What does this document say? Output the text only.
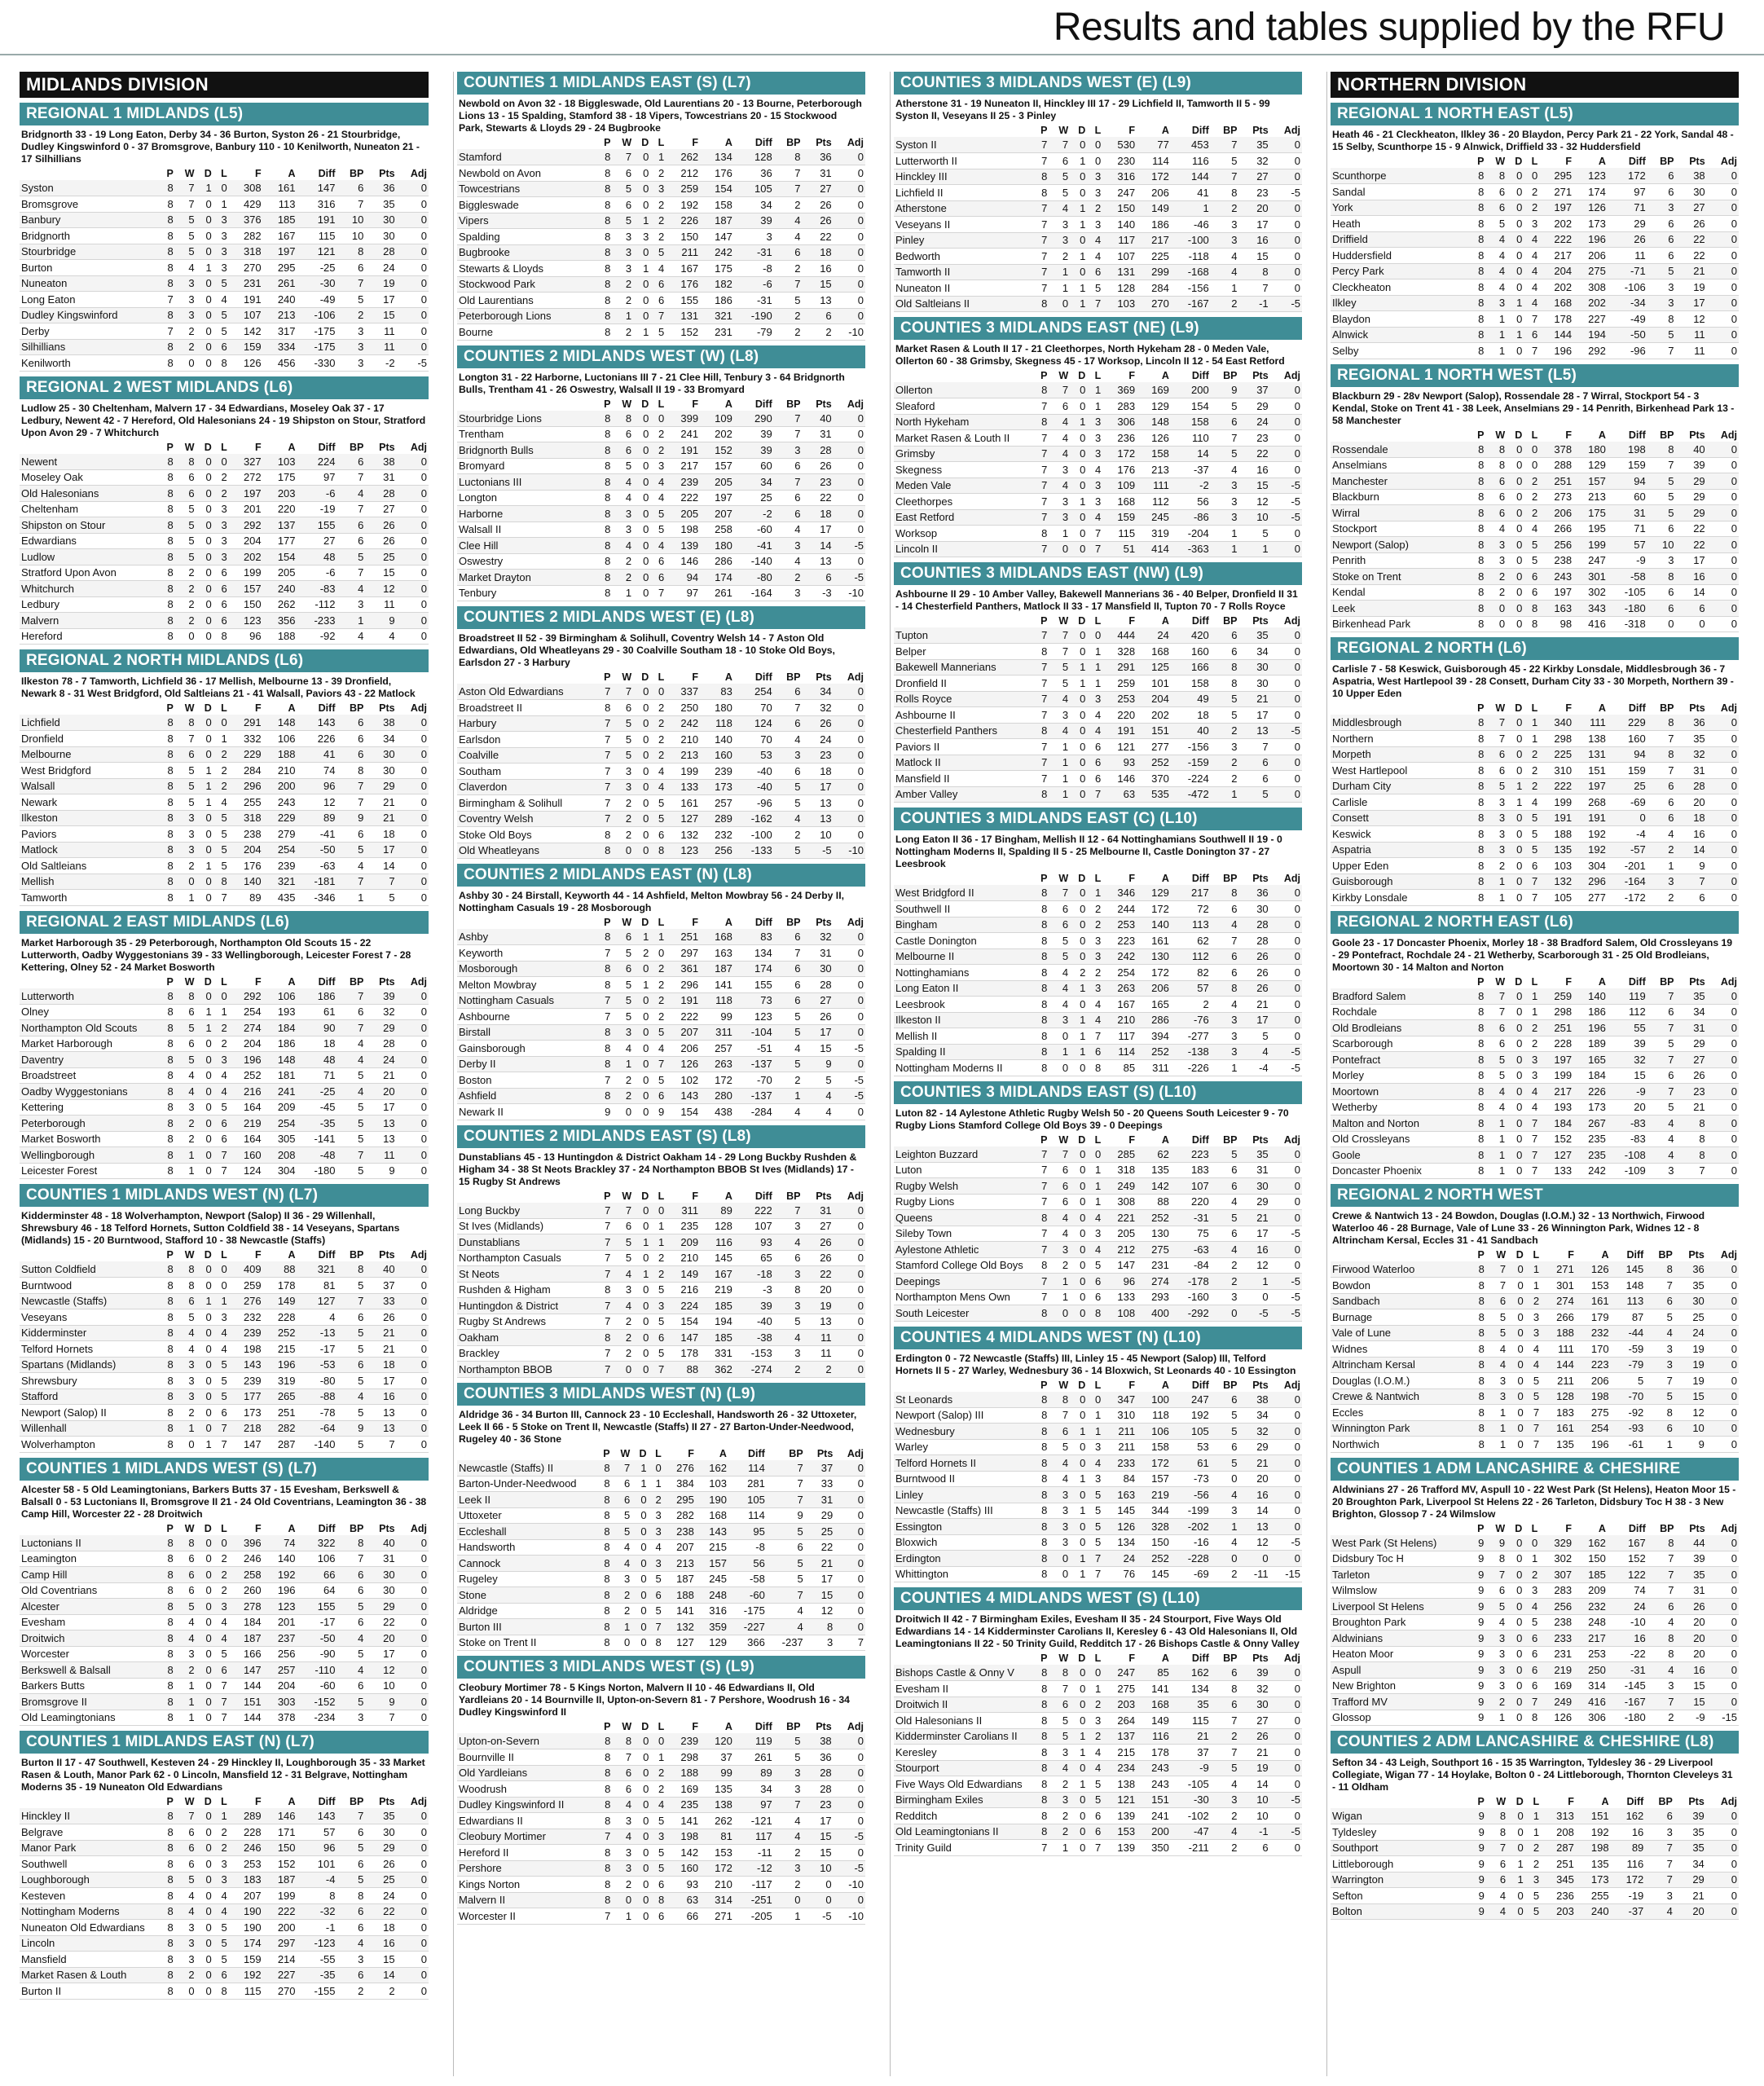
Results and tables supplied by the RFU
MIDLANDS DIVISION
REGIONAL 1 MIDLANDS (L5)
Bridgnorth 33 - 19 Long Eaton, Derby 34 - 36 Burton, Syston 26 - 21 Stourbridge, Dudley Kingswinford 0 - 37 Bromsgrove, Banbury 110 - 10 Kenilworth, Nuneaton 21 - 17 Silhillians
	P	W	D	L	F	A	Diff	BP	Pts	Adj
Syston	8	7	1	0	308	161	147	6	36	0
Bromsgrove	8	7	0	1	429	113	316	7	35	0
Banbury	8	5	0	3	376	185	191	10	30	0
Bridgnorth	8	5	0	3	282	167	115	10	30	0
Stourbridge	8	5	0	3	318	197	121	8	28	0
Burton	8	4	1	3	270	295	-25	6	24	0
Nuneaton	8	3	0	5	231	261	-30	7	19	0
Long Eaton	7	3	0	4	191	240	-49	5	17	0
Dudley Kingswinford	8	3	0	5	107	213	-106	2	15	0
Derby	7	2	0	5	142	317	-175	3	11	0
Silhillians	8	2	0	6	159	334	-175	3	11	0
Kenilworth	8	0	0	8	126	456	-330	3	-2	-5
REGIONAL 2 WEST MIDLANDS (L6)
Ludlow 25 - 30 Cheltenham, Malvern 17 - 34 Edwardians, Moseley Oak 37 - 17 Ledbury, Newent 42 - 7 Hereford, Old Halesonians 24 - 19 Shipston on Stour, Stratford Upon Avon 29 - 7 Whitchurch
	P	W	D	L	F	A	Diff	BP	Pts	Adj
Newent	8	8	0	0	327	103	224	6	38	0
Moseley Oak	8	6	0	2	272	175	97	7	31	0
Old Halesonians	8	6	0	2	197	203	-6	4	28	0
Cheltenham	8	5	0	3	201	220	-19	7	27	0
Shipston on Stour	8	5	0	3	292	137	155	6	26	0
Edwardians	8	5	0	3	204	177	27	6	26	0
Ludlow	8	5	0	3	202	154	48	5	25	0
Stratford Upon Avon	8	2	0	6	199	205	-6	7	15	0
Whitchurch	8	2	0	6	157	240	-83	4	12	0
Ledbury	8	2	0	6	150	262	-112	3	11	0
Malvern	8	2	0	6	123	356	-233	1	9	0
Hereford	8	0	0	8	96	188	-92	4	4	0
REGIONAL 2 NORTH MIDLANDS (L6)
Ilkeston 78 - 7 Tamworth, Lichfield 36 - 17 Mellish, Melbourne 13 - 39 Dronfield, Newark 8 - 31 West Bridgford, Old Saltleians 21 - 41 Walsall, Paviors 43 - 22 Matlock
	P	W	D	L	F	A	Diff	BP	Pts	Adj
Lichfield	8	8	0	0	291	148	143	6	38	0
Dronfield	8	7	0	1	332	106	226	6	34	0
Melbourne	8	6	0	2	229	188	41	6	30	0
West Bridgford	8	5	1	2	284	210	74	8	30	0
Walsall	8	5	1	2	296	200	96	7	29	0
Newark	8	5	1	4	255	243	12	7	21	0
Ilkeston	8	3	0	5	318	229	89	9	21	0
Paviors	8	3	0	5	238	279	-41	6	18	0
Matlock	8	3	0	5	204	254	-50	5	17	0
Old Saltleians	8	2	1	5	176	239	-63	4	14	0
Mellish	8	0	0	8	140	321	-181	7	7	0
Tamworth	8	1	0	7	89	435	-346	1	5	0
REGIONAL 2 EAST MIDLANDS (L6)
Market Harborough 35 - 29 Peterborough, Northampton Old Scouts 15 - 22 Lutterworth, Oadby Wyggestonians 39 - 33 Wellingborough, Leicester Forest 7 - 28 Kettering, Olney 52 - 24 Market Bosworth
	P	W	D	L	F	A	Diff	BP	Pts	Adj
Lutterworth	8	8	0	0	292	106	186	7	39	0
Olney	8	6	1	1	254	193	61	6	32	0
Northampton Old Scouts	8	5	1	2	274	184	90	7	29	0
Market Harborough	8	6	0	2	204	186	18	4	28	0
Daventry	8	5	0	3	196	148	48	4	24	0
Broadstreet	8	4	0	4	252	181	71	5	21	0
Oadby Wyggestonians	8	4	0	4	216	241	-25	4	20	0
Kettering	8	3	0	5	164	209	-45	5	17	0
Peterborough	8	2	0	6	219	254	-35	5	13	0
Market Bosworth	8	2	0	6	164	305	-141	5	13	0
Wellingborough	8	1	0	7	160	208	-48	7	11	0
Leicester Forest	8	1	0	7	124	304	-180	5	9	0
COUNTIES 1 MIDLANDS WEST (N) (L7)
Kidderminster 48 - 18 Wolverhampton, Newport (Salop) II 36 - 29 Willenhall, Shrewsbury 46 - 18 Telford Hornets, Sutton Coldfield 38 - 14 Veseyans, Spartans (Midlands) 15 - 20 Burntwood, Stafford 10 - 38 Newcastle (Staffs)
	P	W	D	L	F	A	Diff	BP	Pts	Adj
Sutton Coldfield	8	8	0	0	409	88	321	8	40	0
Burntwood	8	8	0	0	259	178	81	5	37	0
Newcastle (Staffs)	8	6	1	1	276	149	127	7	33	0
Veseyans	8	5	0	3	232	228	4	6	26	0
Kidderminster	8	4	0	4	239	252	-13	5	21	0
Telford Hornets	8	4	0	4	198	215	-17	5	21	0
Spartans (Midlands)	8	3	0	5	143	196	-53	6	18	0
Shrewsbury	8	3	0	5	239	319	-80	5	17	0
Stafford	8	3	0	5	177	265	-88	4	16	0
Newport (Salop) II	8	2	0	6	173	251	-78	5	13	0
Willenhall	8	1	0	7	218	282	-64	9	13	0
Wolverhampton	8	0	1	7	147	287	-140	5	7	0
COUNTIES 1 MIDLANDS WEST (S) (L7)
Alcester 58 - 5 Old Leamingtonians, Barkers Butts 37 - 15 Evesham, Berkswell & Balsall 0 - 53 Luctonians II, Bromsgrove II 21 - 24 Old Coventrians, Leamington 36 - 38 Camp Hill, Worcester 22 - 28 Droitwich
	P	W	D	L	F	A	Diff	BP	Pts	Adj
Luctonians II	8	8	0	0	396	74	322	8	40	0
Leamington	8	6	0	2	246	140	106	7	31	0
Camp Hill	8	6	0	2	258	192	66	6	30	0
Old Coventrians	8	6	0	2	260	196	64	6	30	0
Alcester	8	5	0	3	278	123	155	5	29	0
Evesham	8	4	0	4	184	201	-17	6	22	0
Droitwich	8	4	0	4	187	237	-50	4	20	0
Worcester	8	3	0	5	166	256	-90	5	17	0
Berkswell & Balsall	8	2	0	6	147	257	-110	4	12	0
Barkers Butts	8	1	0	7	144	204	-60	6	10	0
Bromsgrove II	8	1	0	7	151	303	-152	5	9	0
Old Leamingtonians	8	1	0	7	144	378	-234	3	7	0
COUNTIES 1 MIDLANDS EAST (N) (L7)
Burton II 17 - 47 Southwell, Kesteven 24 - 29 Hinckley II, Loughborough 35 - 33 Market Rasen & Louth, Manor Park 62 - 0 Lincoln, Mansfield 12 - 31 Belgrave, Nottingham Moderns 35 - 19 Nuneaton Old Edwardians
	P	W	D	L	F	A	Diff	BP	Pts	Adj
Hinckley II	8	7	0	1	289	146	143	7	35	0
Belgrave	8	6	0	2	228	171	57	6	30	0
Manor Park	8	6	0	2	246	150	96	5	29	0
Southwell	8	6	0	3	253	152	101	6	26	0
Loughborough	8	5	0	3	183	187	-4	5	25	0
Kesteven	8	4	0	4	207	199	8	8	24	0
Nottingham Moderns	8	4	0	4	190	222	-32	6	22	0
Nuneaton Old Edwardians	8	3	0	5	190	200	-1	6	18	0
Lincoln	8	3	0	5	174	297	-123	4	16	0
Mansfield	8	3	0	5	159	214	-55	3	15	0
Market Rasen & Louth	8	2	0	6	192	227	-35	6	14	0
Burton II	8	0	0	8	115	270	-155	2	2	0
COUNTIES 1 MIDLANDS EAST (S) (L7)
Newbold on Avon 32 - 18 Biggleswade, Old Laurentians 20 - 13 Bourne, Peterborough Lions 13 - 15 Spalding, Stamford 38 - 18 Vipers, Towcestrians 20 - 15 Stockwood Park, Stewarts & Lloyds 29 - 24 Bugbrooke
	P	W	D	L	F	A	Diff	BP	Pts	Adj
Stamford	8	7	0	1	262	134	128	8	36	0
Newbold on Avon	8	6	0	2	212	176	36	7	31	0
Towcestrians	8	5	0	3	259	154	105	7	27	0
Biggleswade	8	6	0	2	192	158	34	2	26	0
Vipers	8	5	1	2	226	187	39	4	26	0
Spalding	8	3	3	2	150	147	3	4	22	0
Bugbrooke	8	3	0	5	211	242	-31	6	18	0
Stewarts & Lloyds	8	3	1	4	167	175	-8	2	16	0
Stockwood Park	8	2	0	6	176	182	-6	7	15	0
Old Laurentians	8	2	0	6	155	186	-31	5	13	0
Peterborough Lions	8	1	0	7	131	321	-190	2	6	0
Bourne	8	2	1	5	152	231	-79	2	2	-10
COUNTIES 2 MIDLANDS WEST (W) (L8)
Longton 31 - 22 Harborne, Luctonians III 7 - 21 Clee Hill, Tenbury 3 - 64 Bridgnorth Bulls, Trentham 41 - 26 Oswestry, Walsall II 19 - 33 Bromyard
	P	W	D	L	F	A	Diff	BP	Pts	Adj
Stourbridge Lions	8	8	0	0	399	109	290	7	40	0
Trentham	8	6	0	2	241	202	39	7	31	0
Bridgnorth Bulls	8	6	0	2	191	152	39	3	28	0
Bromyard	8	5	0	3	217	157	60	6	26	0
Luctonians III	8	4	0	4	239	205	34	7	23	0
Longton	8	4	0	4	222	197	25	6	22	0
Harborne	8	3	0	5	205	207	-2	6	18	0
Walsall II	8	3	0	5	198	258	-60	4	17	0
Clee Hill	8	4	0	4	139	180	-41	3	14	-5
Oswestry	8	2	0	6	146	286	-140	4	13	0
Market Drayton	8	2	0	6	94	174	-80	2	6	-5
Tenbury	8	1	0	7	97	261	-164	3	-3	-10
COUNTIES 2 MIDLANDS WEST (E) (L8)
Broadstreet II 52 - 39 Birmingham & Solihull, Coventry Welsh 14 - 7 Aston Old Edwardians, Old Wheatleyans 29 - 30 Coalville Southam 18 - 10 Stoke Old Boys, Earlsdon 27 - 3 Harbury
	P	W	D	L	F	A	Diff	BP	Pts	Adj
Aston Old Edwardians	7	7	0	0	337	83	254	6	34	0
Broadstreet II	8	6	0	2	250	180	70	7	32	0
Harbury	7	5	0	2	242	118	124	6	26	0
Earlsdon	7	5	0	2	210	140	70	4	24	0
Coalville	7	5	0	2	213	160	53	3	23	0
Southam	7	3	0	4	199	239	-40	6	18	0
Claverdon	7	3	0	4	133	173	-40	5	17	0
Birmingham & Solihull	7	2	0	5	161	257	-96	5	13	0
Coventry Welsh	7	2	0	5	127	289	-162	4	13	0
Stoke Old Boys	8	2	0	6	132	232	-100	2	10	0
Old Wheatleyans	8	0	0	8	123	256	-133	5	-5	-10
COUNTIES 2 MIDLANDS EAST (N) (L8)
Ashby 30 - 24 Birstall, Keyworth 44 - 14 Ashfield, Melton Mowbray 56 - 24 Derby II, Nottingham Casuals 19 - 28 Mosborough
	P	W	D	L	F	A	Diff	BP	Pts	Adj
Ashby	8	6	1	1	251	168	83	6	32	0
Keyworth	7	5	2	0	297	163	134	7	31	0
Mosborough	8	6	0	2	361	187	174	6	30	0
Melton Mowbray	8	5	1	2	296	141	155	6	28	0
Nottingham Casuals	7	5	0	2	191	118	73	6	27	0
Ashbourne	7	5	0	2	222	99	123	5	26	0
Birstall	8	3	0	5	207	311	-104	5	17	0
Gainsborough	8	4	0	4	206	257	-51	4	15	-5
Derby II	8	1	0	7	126	263	-137	5	9	0
Boston	7	2	0	5	102	172	-70	2	5	-5
Ashfield	8	2	0	6	143	280	-137	1	4	-5
Newark II	9	0	0	9	154	438	-284	4	4	0
COUNTIES 2 MIDLANDS EAST (S) (L8)
Dunstablians 45 - 13 Huntingdon & District Oakham 14 - 29 Long Buckby Rushden & Higham 34 - 38 St Neots Brackley 37 - 24 Northampton BBOB St Ives (Midlands) 17 - 15 Rugby St Andrews
	P	W	D	L	F	A	Diff	BP	Pts	Adj
Long Buckby	7	7	0	0	311	89	222	7	31	0
St Ives (Midlands)	7	6	0	1	235	128	107	3	27	0
Dunstablians	7	5	1	1	209	116	93	4	26	0
Northampton Casuals	7	5	0	2	210	145	65	6	26	0
St Neots	7	4	1	2	149	167	-18	3	22	0
Rushden & Higham	8	3	0	5	216	219	-3	8	20	0
Huntingdon & District	7	4	0	3	224	185	39	3	19	0
Rugby St Andrews	7	2	0	5	154	194	-40	5	13	0
Oakham	8	2	0	6	147	185	-38	4	11	0
Brackley	7	2	0	5	178	331	-153	3	11	0
Northampton BBOB	7	0	0	7	88	362	-274	2	2	0
COUNTIES 3 MIDLANDS WEST (N) (L9)
Aldridge 36 - 34 Burton III, Cannock 23 - 10 Eccleshall, Handsworth 26 - 32 Uttoxeter, Leek II 66 - 5 Stoke on Trent II, Newcastle (Staffs) II 27 - 27 Barton-Under-Needwood, Rugeley 40 - 36 Stone
	P	W	D	L	F	A	Diff	BP	Pts	Adj
Newcastle (Staffs) II	8	7	1	0	276	162	114	7	37	0
Barton-Under-Needwood	8	6	1	1	384	103	281	7	33	0
Leek II	8	6	0	2	295	190	105	7	31	0
Uttoxeter	8	5	0	3	282	168	114	9	29	0
Eccleshall	8	5	0	3	238	143	95	5	25	0
Handsworth	8	4	0	4	207	215	-8	6	22	0
Cannock	8	4	0	3	213	157	56	5	21	0
Rugeley	8	3	0	5	187	245	-58	5	17	0
Stone	8	2	0	6	188	248	-60	7	15	0
Aldridge	8	2	0	5	141	316	-175	4	12	0
Burton III	8	1	0	7	132	359	-227	4	8	0
Stoke on Trent II	8	0	0	8	127	129	366	-237	3	7
COUNTIES 3 MIDLANDS WEST (S) (L9)
Cleobury Mortimer 78 - 5 Kings Norton, Malvern II 10 - 46 Edwardians II, Old Yardleians 20 - 14 Bournville II, Upton-on-Severn 81 - 7 Pershore, Woodrush 16 - 34 Dudley Kingswinford II
	P	W	D	L	F	A	Diff	BP	Pts	Adj
Upton-on-Severn	8	8	0	0	239	120	119	5	38	0
Bournville II	8	7	0	1	298	37	261	5	36	0
Old Yardleians	8	6	0	2	188	99	89	3	28	0
Woodrush	8	6	0	2	169	135	34	3	28	0
Dudley Kingswinford II	8	4	0	4	235	138	97	7	23	0
Edwardians II	8	3	0	5	141	262	-121	4	17	0
Cleobury Mortimer	7	4	0	3	198	81	117	4	15	-5
Hereford II	8	3	0	5	142	153	-11	2	15	0
Pershore	8	3	0	5	160	172	-12	3	10	-5
Kings Norton	8	2	0	6	93	210	-117	2	0	-10
Malvern II	8	0	0	8	63	314	-251	0	0	0
Worcester II	7	1	0	6	66	271	-205	1	-5	-10
COUNTIES 3 MIDLANDS WEST (E) (L9)
Atherstone 31 - 19 Nuneaton II, Hinckley III 17 - 29 Lichfield II, Tamworth II 5 - 99 Syston II, Veseyans II 25 - 3 Pinley
	P	W	D	L	F	A	Diff	BP	Pts	Adj
Syston II	7	7	0	0	530	77	453	7	35	0
Lutterworth II	7	6	1	0	230	114	116	5	32	0
Hinckley III	8	5	0	3	316	172	144	7	27	0
Lichfield II	8	5	0	3	247	206	41	8	23	-5
Atherstone	7	4	1	2	150	149	1	2	20	0
Veseyans II	7	3	1	3	140	186	-46	3	17	0
Pinley	7	3	0	4	117	217	-100	3	16	0
Bedworth	7	2	1	4	107	225	-118	4	15	0
Tamworth II	7	1	0	6	131	299	-168	4	8	0
Nuneaton II	7	1	1	5	128	284	-156	1	7	0
Old Saltleians II	8	0	1	7	103	270	-167	2	-1	-5
COUNTIES 3 MIDLANDS EAST (NE) (L9)
Market Rasen & Louth II 17 - 21 Cleethorpes, North Hykeham 28 - 0 Meden Vale, Ollerton 60 - 38 Grimsby, Skegness 45 - 17 Worksop, Lincoln II 12 - 54 East Retford
	P	W	D	L	F	A	Diff	BP	Pts	Adj
Ollerton	8	7	0	1	369	169	200	9	37	0
Sleaford	7	6	0	1	283	129	154	5	29	0
North Hykeham	8	4	1	3	306	148	158	6	24	0
Market Rasen & Louth II	7	4	0	3	236	126	110	7	23	0
Grimsby	7	4	0	3	172	158	14	5	22	0
Skegness	7	3	0	4	176	213	-37	4	16	0
Meden Vale	7	4	0	3	109	111	-2	3	15	-5
Cleethorpes	7	3	1	3	168	112	56	3	12	-5
East Retford	7	3	0	4	159	245	-86	3	10	-5
Worksop	8	1	0	7	115	319	-204	1	5	0
Lincoln II	7	0	0	7	51	414	-363	1	1	0
COUNTIES 3 MIDLANDS EAST (NW) (L9)
Ashbourne II 29 - 10 Amber Valley, Bakewell Mannerians 36 - 40 Belper, Dronfield II 31 - 14 Chesterfield Panthers, Matlock II 33 - 17 Mansfield II, Tupton 70 - 7 Rolls Royce
	P	W	D	L	F	A	Diff	BP	Pts	Adj
Tupton	7	7	0	0	444	24	420	6	35	0
Belper	8	7	0	1	328	168	160	6	34	0
Bakewell Mannerians	7	5	1	1	291	125	166	8	30	0
Dronfield II	7	5	1	1	259	101	158	8	30	0
Rolls Royce	7	4	0	3	253	204	49	5	21	0
Ashbourne II	7	3	0	4	220	202	18	5	17	0
Chesterfield Panthers	8	4	0	4	191	151	40	2	13	-5
Paviors II	7	1	0	6	121	277	-156	3	7	0
Matlock II	7	1	0	6	93	252	-159	2	6	0
Mansfield II	7	1	0	6	146	370	-224	2	6	0
Amber Valley	8	1	0	7	63	535	-472	1	5	0
COUNTIES 3 MIDLANDS EAST (C) (L10)
Long Eaton II 36 - 17 Bingham, Mellish II 12 - 64 Nottinghamians Southwell II 19 - 0 Nottingham Moderns II, Spalding II 5 - 25 Melbourne II, Castle Donington 37 - 27 Leesbrook
	P	W	D	L	F	A	Diff	BP	Pts	Adj
West Bridgford II	8	7	0	1	346	129	217	8	36	0
Southwell II	8	6	0	2	244	172	72	6	30	0
Bingham	8	6	0	2	253	140	113	4	28	0
Castle Donington	8	5	0	3	223	161	62	7	28	0
Melbourne II	8	5	0	3	242	130	112	6	26	0
Nottinghamians	8	4	2	2	254	172	82	6	26	0
Long Eaton II	8	4	1	3	263	206	57	8	26	0
Leesbrook	8	4	0	4	167	165	2	4	21	0
Ilkeston II	8	3	1	4	210	286	-76	3	17	0
Mellish II	8	0	1	7	117	394	-277	3	5	0
Spalding II	8	1	1	6	114	252	-138	3	4	-5
Nottingham Moderns II	8	0	0	8	85	311	-226	1	-4	-5
COUNTIES 3 MIDLANDS EAST (S) (L10)
Luton 82 - 14 Aylestone Athletic Rugby Welsh 50 - 20 Queens South Leicester 9 - 70 Rugby Lions Stamford College Old Boys 39 - 0 Deepings
	P	W	D	L	F	A	Diff	BP	Pts	Adj
Leighton Buzzard	7	7	0	0	285	62	223	5	35	0
Luton	7	6	0	1	318	135	183	6	31	0
Rugby Welsh	7	6	0	1	249	142	107	6	30	0
Rugby Lions	7	6	0	1	308	88	220	4	29	0
Queens	8	4	0	4	221	252	-31	5	21	0
Sileby Town	7	4	0	3	205	130	75	6	17	-5
Aylestone Athletic	7	3	0	4	212	275	-63	4	16	0
Stamford College Old Boys	8	2	0	5	147	231	-84	2	12	0
Deepings	7	1	0	6	96	274	-178	2	1	-5
Northampton Mens Own	7	1	0	6	133	293	-160	3	0	-5
South Leicester	8	0	0	8	108	400	-292	0	-5	-5
COUNTIES 4 MIDLANDS WEST (N) (L10)
Erdington 0 - 72 Newcastle (Staffs) III, Linley 15 - 45 Newport (Salop) III, Telford Hornets II 5 - 27 Warley, Wednesbury 36 - 14 Bloxwich, St Leonards 40 - 10 Essington
	P	W	D	L	F	A	Diff	BP	Pts	Adj
St Leonards	8	8	0	0	347	100	247	6	38	0
Newport (Salop) III	8	7	0	1	310	118	192	5	34	0
Wednesbury	8	6	1	1	211	106	105	5	32	0
Warley	8	5	0	3	211	158	53	6	29	0
Telford Hornets II	8	4	0	4	233	172	61	5	21	0
Burntwood II	8	4	1	3	84	157	-73	0	20	0
Linley	8	3	0	5	163	219	-56	4	16	0
Newcastle (Staffs) III	8	3	1	5	145	344	-199	3	14	0
Essington	8	3	0	5	126	328	-202	1	13	0
Bloxwich	8	3	0	5	134	150	-16	4	12	-5
Erdington	8	0	1	7	24	252	-228	0	0	0
Whittington	8	0	1	7	76	145	-69	2	-11	-15
COUNTIES 4 MIDLANDS WEST (S) (L10)
Droitwich II 42 - 7 Birmingham Exiles, Evesham II 35 - 24 Stourport, Five Ways Old Edwardians 14 - 14 Kidderminster Carolians II, Keresley 6 - 43 Old Halesonians II, Old Leamingtonians II 22 - 50 Trinity Guild, Redditch 17 - 26 Bishops Castle & Onny Valley
	P	W	D	L	F	A	Diff	BP	Pts	Adj
Bishops Castle & Onny V	8	8	0	0	247	85	162	6	39	0
Evesham II	8	7	0	1	275	141	134	8	32	0
Droitwich II	8	6	0	2	203	168	35	6	30	0
Old Halesonians II	8	5	0	3	264	149	115	7	27	0
Kidderminster Carolians II	8	5	1	2	137	116	21	2	26	0
Keresley	8	3	1	4	215	178	37	7	21	0
Stourport	8	4	0	4	234	243	-9	5	19	0
Five Ways Old Edwardians	8	2	1	5	138	243	-105	4	14	0
Birmingham Exiles	8	3	0	5	121	151	-30	3	10	-5
Redditch	8	2	0	6	139	241	-102	2	10	0
Old Leamingtonians II	8	2	0	6	153	200	-47	4	-1	-5
Trinity Guild	7	1	0	7	139	350	-211	2	6	0
NORTHERN DIVISION
REGIONAL 1 NORTH EAST (L5)
Heath 46 - 21 Cleckheaton, Ilkley 36 - 20 Blaydon, Percy Park 21 - 22 York, Sandal 48 - 15 Selby, Scunthorpe 15 - 9 Alnwick, Driffield 33 - 32 Huddersfield
	P	W	D	L	F	A	Diff	BP	Pts	Adj
Scunthorpe	8	8	0	0	295	123	172	6	38	0
Sandal	8	6	0	2	271	174	97	6	30	0
York	8	6	0	2	197	126	71	3	27	0
Heath	8	5	0	3	202	173	29	6	26	0
Driffield	8	4	0	4	222	196	26	6	22	0
Huddersfield	8	4	0	4	217	206	11	6	22	0
Percy Park	8	4	0	4	204	275	-71	5	21	0
Cleckheaton	8	4	0	4	202	308	-106	3	19	0
Ilkley	8	3	1	4	168	202	-34	3	17	0
Blaydon	8	1	0	7	178	227	-49	8	12	0
Alnwick	8	1	1	6	144	194	-50	5	11	0
Selby	8	1	0	7	196	292	-96	7	11	0
REGIONAL 1 NORTH WEST (L5)
Blackburn 29 - 28v Newport (Salop), Rossendale 28 - 7 Wirral, Stockport 54 - 3 Kendal, Stoke on Trent 41 - 38 Leek, Anselmians 29 - 14 Penrith, Birkenhead Park 13 - 58 Manchester
	P	W	D	L	F	A	Diff	BP	Pts	Adj
Rossendale	8	8	0	0	378	180	198	8	40	0
Anselmians	8	8	0	0	288	129	159	7	39	0
Manchester	8	6	0	2	251	157	94	5	29	0
Blackburn	8	6	0	2	273	213	60	5	29	0
Wirral	8	6	0	2	206	175	31	5	29	0
Stockport	8	4	0	4	266	195	71	6	22	0
Newport (Salop)	8	3	0	5	256	199	57	10	22	0
Penrith	8	3	0	5	238	247	-9	3	17	0
Stoke on Trent	8	2	0	6	243	301	-58	8	16	0
Kendal	8	2	0	6	197	302	-105	6	14	0
Leek	8	0	0	8	163	343	-180	6	6	0
Birkenhead Park	8	0	0	8	98	416	-318	0	0	0
REGIONAL 2 NORTH (L6)
Carlisle 7 - 58 Keswick, Guisborough 45 - 22 Kirkby Lonsdale, Middlesbrough 36 - 7 Aspatria, West Hartlepool 39 - 28 Consett, Durham City 33 - 30 Morpeth, Northern 39 - 10 Upper Eden
	P	W	D	L	F	A	Diff	BP	Pts	Adj
Middlesbrough	8	7	0	1	340	111	229	8	36	0
Northern	8	7	0	1	298	138	160	7	35	0
Morpeth	8	6	0	2	225	131	94	8	32	0
West Hartlepool	8	6	0	2	310	151	159	7	31	0
Durham City	8	5	1	2	222	197	25	6	28	0
Carlisle	8	3	1	4	199	268	-69	6	20	0
Consett	8	3	0	5	191	191	0	6	18	0
Keswick	8	3	0	5	188	192	-4	4	16	0
Aspatria	8	3	0	5	135	192	-57	2	14	0
Upper Eden	8	2	0	6	103	304	-201	1	9	0
Guisborough	8	1	0	7	132	296	-164	3	7	0
Kirkby Lonsdale	8	1	0	7	105	277	-172	2	6	0
REGIONAL 2 NORTH EAST (L6)
Goole 23 - 17 Doncaster Phoenix, Morley 18 - 38 Bradford Salem, Old Crossleyans 19 - 29 Pontefract, Rochdale 24 - 21 Wetherby, Scarborough 31 - 25 Old Brodleians, Moortown 30 - 14 Malton and Norton
	P	W	D	L	F	A	Diff	BP	Pts	Adj
Bradford Salem	8	7	0	1	259	140	119	7	35	0
Rochdale	8	7	0	1	298	186	112	6	34	0
Old Brodleians	8	6	0	2	251	196	55	7	31	0
Scarborough	8	6	0	2	228	189	39	5	29	0
Pontefract	8	5	0	3	197	165	32	7	27	0
Morley	8	5	0	3	199	184	15	6	26	0
Moortown	8	4	0	4	217	226	-9	7	23	0
Wetherby	8	4	0	4	193	173	20	5	21	0
Malton and Norton	8	1	0	7	184	267	-83	4	8	0
Old Crossleyans	8	1	0	7	152	235	-83	4	8	0
Goole	8	1	0	7	127	235	-108	4	8	0
Doncaster Phoenix	8	1	0	7	133	242	-109	3	7	0
REGIONAL 2 NORTH WEST
Crewe & Nantwich 13 - 24 Bowdon, Douglas (I.O.M.) 32 - 13 Northwich, Firwood Waterloo 46 - 28 Burnage, Vale of Lune 33 - 26 Winnington Park, Widnes 12 - 8 Altrincham Kersal, Eccles 31 - 41 Sandbach
	P	W	D	L	F	A	Diff	BP	Pts	Adj
Firwood Waterloo	8	7	0	1	271	126	145	8	36	0
Bowdon	8	7	0	1	301	153	148	7	35	0
Sandbach	8	6	0	2	274	161	113	6	30	0
Burnage	8	5	0	3	266	179	87	5	25	0
Vale of Lune	8	5	0	3	188	232	-44	4	24	0
Widnes	8	4	0	4	111	170	-59	3	19	0
Altrincham Kersal	8	4	0	4	144	223	-79	3	19	0
Douglas (I.O.M.)	8	3	0	5	211	206	5	7	19	0
Crewe & Nantwich	8	3	0	5	128	198	-70	5	15	0
Eccles	8	1	0	7	183	275	-92	8	12	0
Winnington Park	8	1	0	7	161	254	-93	6	10	0
Northwich	8	1	0	7	135	196	-61	1	9	0
COUNTIES 1 ADM LANCASHIRE & CHESHIRE
Aldwinians 27 - 26 Trafford MV, Aspull 10 - 22 West Park (St Helens), Heaton Moor 15 - 20 Broughton Park, Liverpool St Helens 22 - 26 Tarleton, Didsbury Toc H 38 - 3 New Brighton, Glossop 7 - 24 Wilmslow
	P	W	D	L	F	A	Diff	BP	Pts	Adj
West Park (St Helens)	9	9	0	0	329	162	167	8	44	0
Didsbury Toc H	9	8	0	1	302	150	152	7	39	0
Tarleton	9	7	0	2	307	185	122	7	35	0
Wilmslow	9	6	0	3	283	209	74	7	31	0
Liverpool St Helens	9	5	0	4	256	232	24	6	26	0
Broughton Park	9	4	0	5	238	248	-10	4	20	0
Aldwinians	9	3	0	6	233	217	16	8	20	0
Heaton Moor	9	3	0	6	231	253	-22	8	20	0
Aspull	9	3	0	6	219	250	-31	4	16	0
New Brighton	9	3	0	6	169	314	-145	3	15	0
Trafford MV	9	2	0	7	249	416	-167	7	15	0
Glossop	9	1	0	8	126	306	-180	2	-9	-15
COUNTIES 2 ADM LANCASHIRE & CHESHIRE (L8)
Sefton 34 - 43 Leigh, Southport 16 - 15 35 Warrington, Tyldesley 36 - 29 Liverpool Collegiate, Wigan 77 - 14 Hoylake, Bolton 0 - 24 Littleborough, Thornton Cleveleys 31 - 11 Oldham
	P	W	D	L	F	A	Diff	BP	Pts	Adj
Wigan	9	8	0	1	313	151	162	6	39	0
Tyldesley	9	8	0	1	208	192	16	3	35	0
Southport	9	7	0	2	287	198	89	7	35	0
Littleborough	9	6	1	2	251	135	116	7	34	0
Warrington	9	6	1	3	345	173	172	7	29	0
Sefton	9	4	0	5	236	255	-19	3	21	0
Bolton	9	4	0	5	203	240	-37	4	20	0
